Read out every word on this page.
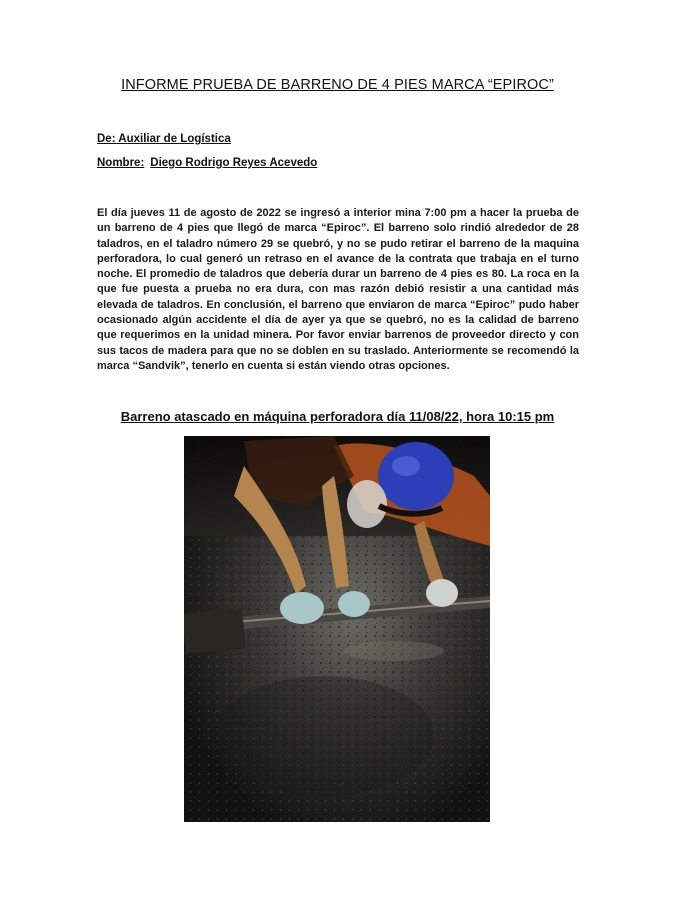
INFORME PRUEBA DE BARRENO DE 4 PIES MARCA “EPIROC”
De: Auxiliar de Logística
Nombre: Diego Rodrigo Reyes Acevedo
El día jueves 11 de agosto de 2022 se ingresó a interior mina 7:00 pm a hacer la prueba de un barreno de 4 pies que llegó de marca “Epiroc”. El barreno solo rindió alrededor de 28 taladros, en el taladro número 29 se quebró, y no se pudo retirar el barreno de la maquina perforadora, lo cual generó un retraso en el avance de la contrata que trabaja en el turno noche. El promedio de taladros que debería durar un barreno de 4 pies es 80. La roca en la que fue puesta a prueba no era dura, con mas razón debió resistir a una cantidad más elevada de taladros. En conclusión, el barreno que enviaron de marca “Epiroc” pudo haber ocasionado algún accidente el día de ayer ya que se quebró, no es la calidad de barreno que requerimos en la unidad minera. Por favor enviar barrenos de proveedor directo y con sus tacos de madera para que no se doblen en su traslado. Anteriormente se recomendó la marca “Sandvik”, tenerlo en cuenta si están viendo otras opciones.
Barreno atascado en máquina perforadora día 11/08/22, hora 10:15 pm
